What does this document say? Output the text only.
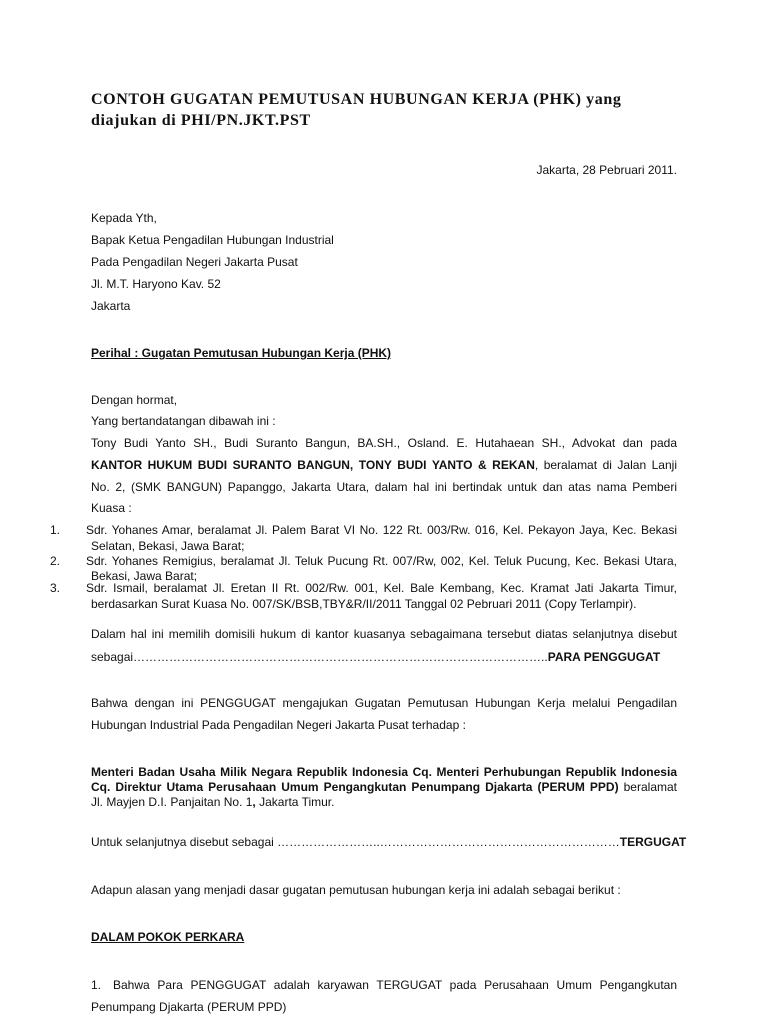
CONTOH GUGATAN PEMUTUSAN HUBUNGAN KERJA (PHK) yang
diajukan di PHI/PN.JKT.PST
Jakarta, 28 Pebruari 2011.
Kepada Yth,
Bapak Ketua Pengadilan Hubungan Industrial
Pada Pengadilan Negeri Jakarta Pusat
Jl. M.T. Haryono Kav. 52
Jakarta
Perihal : Gugatan Pemutusan Hubungan Kerja (PHK)
Dengan hormat,
Yang bertandatangan dibawah ini :
Tony Budi Yanto SH., Budi Suranto Bangun, BA.SH., Osland. E. Hutahaean SH., Advokat dan pada
KANTOR HUKUM BUDI SURANTO BANGUN, TONY BUDI YANTO & REKAN, beralamat di Jalan Lanji
No. 2, (SMK BANGUN) Papanggo, Jakarta Utara, dalam hal ini bertindak untuk dan atas nama Pemberi
Kuasa :
1.	Sdr. Yohanes Amar, beralamat Jl. Palem Barat VI No. 122 Rt. 003/Rw. 016, Kel. Pekayon Jaya, Kec. Bekasi
Selatan, Bekasi, Jawa Barat;
2.	Sdr. Yohanes Remigius, beralamat Jl. Teluk Pucung Rt. 007/Rw, 002, Kel. Teluk Pucung, Kec. Bekasi Utara,
Bekasi, Jawa Barat;
3.	Sdr. Ismail, beralamat Jl. Eretan II Rt. 002/Rw. 001, Kel. Bale Kembang, Kec. Kramat Jati Jakarta Timur,
berdasarkan Surat Kuasa No. 007/SK/BSB,TBY&R/II/2011 Tanggal 02 Pebruari 2011 (Copy Terlampir).
Dalam hal ini memilih domisili hukum di kantor kuasanya sebagaimana tersebut diatas selanjutnya disebut
sebagai…………………………………………………………………………………………..PARA PENGGUGAT
Bahwa dengan ini PENGGUGAT mengajukan Gugatan Pemutusan Hubungan Kerja melalui Pengadilan
Hubungan Industrial Pada Pengadilan Negeri Jakarta Pusat terhadap :
Menteri Badan Usaha Milik Negara Republik Indonesia Cq. Menteri Perhubungan Republik Indonesia
Cq. Direktur Utama Perusahaan Umum Pengangkutan Penumpang Djakarta (PERUM PPD) beralamat
Jl. Mayjen D.I. Panjaitan No. 1, Jakarta Timur.
Untuk selanjutnya disebut sebagai ……………………..……………………………………………………TERGUGAT
Adapun alasan yang menjadi dasar gugatan pemutusan hubungan kerja ini adalah sebagai berikut :
DALAM POKOK PERKARA
1. Bahwa Para PENGGUGAT adalah karyawan TERGUGAT pada Perusahaan Umum Pengangkutan
Penumpang Djakarta (PERUM PPD)
